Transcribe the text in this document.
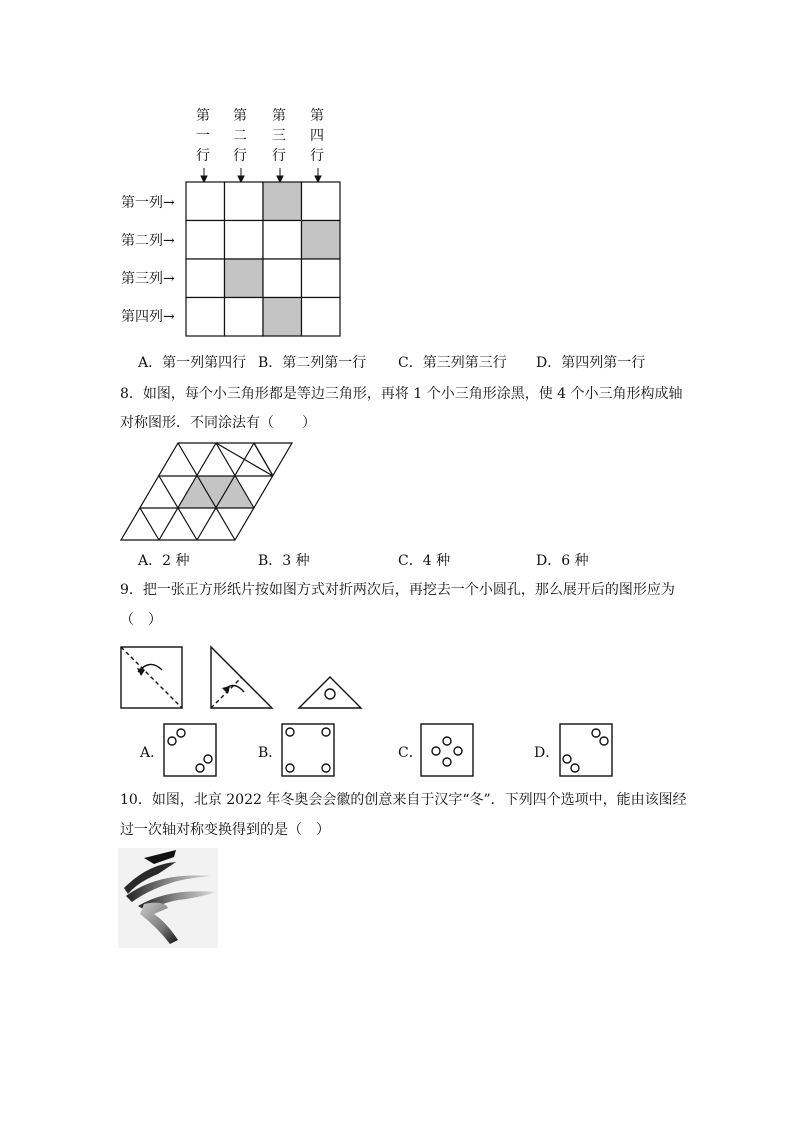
第
一
行
第
二
行
第
三
行
第
四
行
第一列→
第二列→
第三列→
第四列→
A．第一列第四行 B．第二列第一行 C．第三列第三行 D．第四列第一行
8．如图，每个小三角形都是等边三角形，再将 1 个小三角形涂黑，使 4 个小三角形构成轴
对称图形．不同涂法有（　　）
A．2 种	B．3 种	C．4 种	D．6 种
9．把一张正方形纸片按如图方式对折两次后，再挖去一个小圆孔，那么展开后的图形应为
（　）
A．	B．	C．	D．
10．如图，北京 2022 年冬奥会会徽的创意来自于汉字“冬”．下列四个选项中，能由该图经
过一次轴对称变换得到的是（　）
